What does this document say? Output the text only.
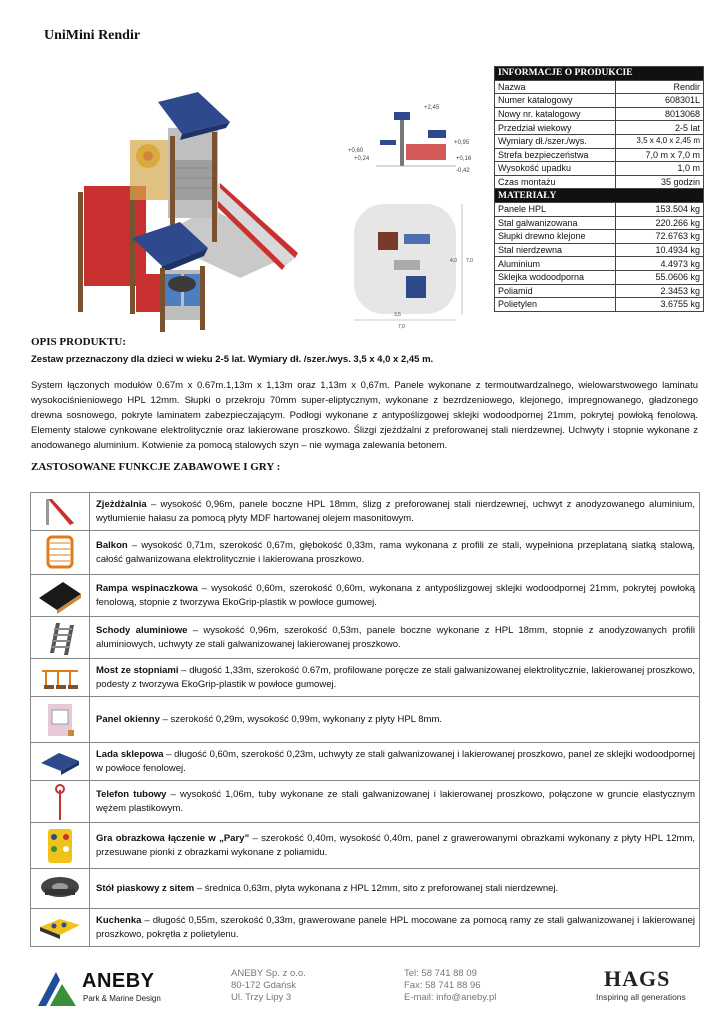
UniMini Rendir
+2,45
+0,95
+0,60
+0,24	+0,16
-0,42
3,5
7,0
4,0 7,0
INFORMACJE O PRODUKCIE	
Nazwa	Rendir
Numer katalogowy	608301L
Nowy nr. katalogowy	8013068
Przedział wiekowy	2-5 lat
Wymiary dł./szer./wys.	3,5 x 4,0 x 2,45 m
Strefa bezpieczeństwa	7,0 m x 7,0 m
Wysokość upadku	1,0 m
Czas montażu	35 godzin
MATERIAŁY	
Panele HPL	153.504 kg
Stal galwanizowana	220.266 kg
Słupki drewno klejone	72.6763 kg
Stal nierdzewna	10.4934 kg
Aluminium	4.4973 kg
Sklejka wodoodporna	55.0606 kg
Poliamid	2.3453 kg
Polietylen	3.6755 kg
OPIS PRODUKTU:
Zestaw przeznaczony dla dzieci w wieku 2-5 lat. Wymiary dł. /szer./wys. 3,5 x 4,0 x 2,45 m.
System łączonych modułów 0.67m x 0.67m.1,13m x 1,13m oraz 1,13m x 0,67m. Panele wykonane z termoutwardzalnego, wielowarstwowego laminatu wysokociśnieniowego HPL 12mm. Słupki o przekroju 70mm super-eliptycznym, wykonane z bezrdzeniowego, klejonego, impregnowanego, gładzonego drewna sosnowego, pokryte laminatem zabezpieczającym. Podłogi wykonane z antypoślizgowej sklejki wodoodpornej 21mm, pokrytej powłoką fenolową. Elementy stalowe cynkowane elektrolitycznie oraz lakierowane proszkowo. Ślizgi zjeżdżalni z preforowanej stali nierdzewnej. Uchwyty i stopnie wykonane z anodowanego aluminium. Kotwienie za pomocą stalowych szyn – nie wymaga zalewania betonem.
ZASTOSOWANE FUNKCJE ZABAWOWE I GRY :
	Zjeżdżalnia – wysokość 0,96m, panele boczne HPL 18mm, ślizg z preforowanej stali nierdzewnej, uchwyt z anodyzowanego aluminium, wytłumienie hałasu za pomocą płyty MDF hartowanej olejem masonitowym.

	Balkon – wysokość 0,71m, szerokość 0,67m, głębokość 0,33m, rama wykonana z profili ze stali, wypełniona przeplataną siatką stalową, całość galwanizowana elektrolitycznie i lakierowana proszkowo.

	Rampa wspinaczkowa – wysokość 0,60m, szerokość 0,60m, wykonana z antypoślizgowej sklejki wodoodpornej 21mm, pokrytej powłoką fenolową, stopnie z tworzywa EkoGrip-plastik w powłoce gumowej.

	Schody aluminiowe – wysokość 0,96m, szerokość 0,53m, panele boczne wykonane z HPL 18mm, stopnie z anodyzowanych profili aluminiowych, uchwyty ze stali galwanizowanej lakierowanej proszkowo.

	Most ze stopniami – długość 1,33m, szerokość 0.67m, profilowane poręcze ze stali galwanizowanej elektrolitycznie, lakierowanej proszkowo, podesty z tworzywa EkoGrip-plastik w powłoce gumowej.

	Panel okienny – szerokość 0,29m, wysokość 0,99m, wykonany z płyty HPL 8mm.

	Lada sklepowa – długość 0,60m, szerokość 0,23m, uchwyty ze stali galwanizowanej i lakierowanej proszkowo, panel ze sklejki wodoodpornej w powłoce fenolowej.

	Telefon tubowy – wysokość 1,06m, tuby wykonane ze stali galwanizowanej i lakierowanej proszkowo, połączone w gruncie elastycznym wężem plastikowym.

	Gra obrazkowa łączenie w „Pary” – szerokość 0,40m, wysokość 0,40m, panel z grawerowanymi obrazkami wykonany z płyty HPL 12mm, przesuwane pionki z obrazkami wykonane z poliamidu.

	Stół piaskowy z sitem – średnica 0,63m, płyta wykonana z HPL 12mm, sito z preforowanej stali nierdzewnej.

	Kuchenka – długość 0,55m, szerokość 0,33m, grawerowane panele HPL mocowane za pomocą ramy ze stali galwanizowanej i lakierowanej proszkowo, pokrętła z polietylenu.
ANEBY
Park & Marine Design
ANEBY Sp. z o.o.
80-172 Gdańsk
Ul. Trzy Lipy 3
Tel: 58 741 88 09
Fax: 58 741 88 96
E-mail: info@aneby.pl
HAGS
Inspiring all generations
